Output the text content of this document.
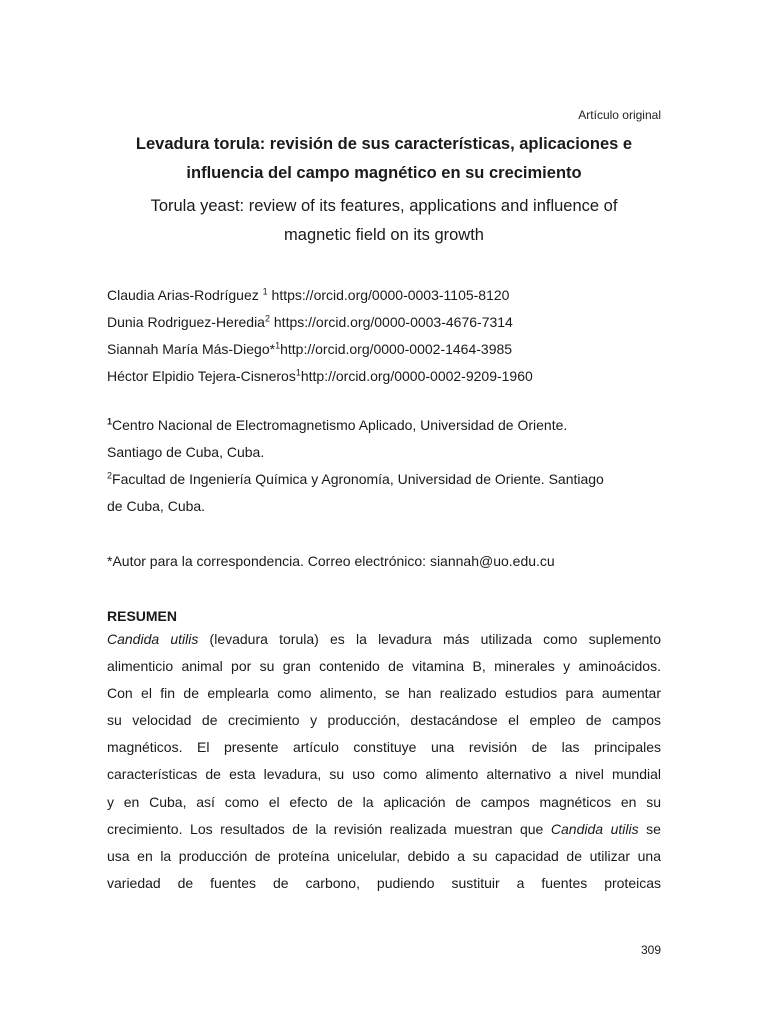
Artículo original
Levadura torula: revisión de sus características, aplicaciones e
influencia del campo magnético en su crecimiento
Torula yeast: review of its features, applications and influence of
magnetic field on its growth
Claudia Arias-Rodríguez $^1$ https://orcid.org/0000-0003-1105-8120
Dunia Rodriguez-Heredia$^2$ https://orcid.org/0000-0003-4676-7314
Siannah María Más-Diego*$^1$http://orcid.org/0000-0002-1464-3985
Héctor Elpidio Tejera-Cisneros$^1$http://orcid.org/0000-0002-9209-1960
$^1$Centro Nacional de Electromagnetismo Aplicado, Universidad de Oriente.
Santiago de Cuba, Cuba.
$^2$Facultad de Ingeniería Química y Agronomía, Universidad de Oriente. Santiago
de Cuba, Cuba.
*Autor para la correspondencia. Correo electrónico: siannah@uo.edu.cu
RESUMEN
Candida utilis (levadura torula) es la levadura más utilizada como suplemento
alimenticio animal por su gran contenido de vitamina B, minerales y aminoácidos.
Con el fin de emplearla como alimento, se han realizado estudios para aumentar
su velocidad de crecimiento y producción, destacándose el empleo de campos
magnéticos. El presente artículo constituye una revisión de las principales
características de esta levadura, su uso como alimento alternativo a nivel mundial
y en Cuba, así como el efecto de la aplicación de campos magnéticos en su
crecimiento. Los resultados de la revisión realizada muestran que Candida utilis se
usa en la producción de proteína unicelular, debido a su capacidad de utilizar una
variedad de fuentes de carbono, pudiendo sustituir a fuentes proteicas
309
